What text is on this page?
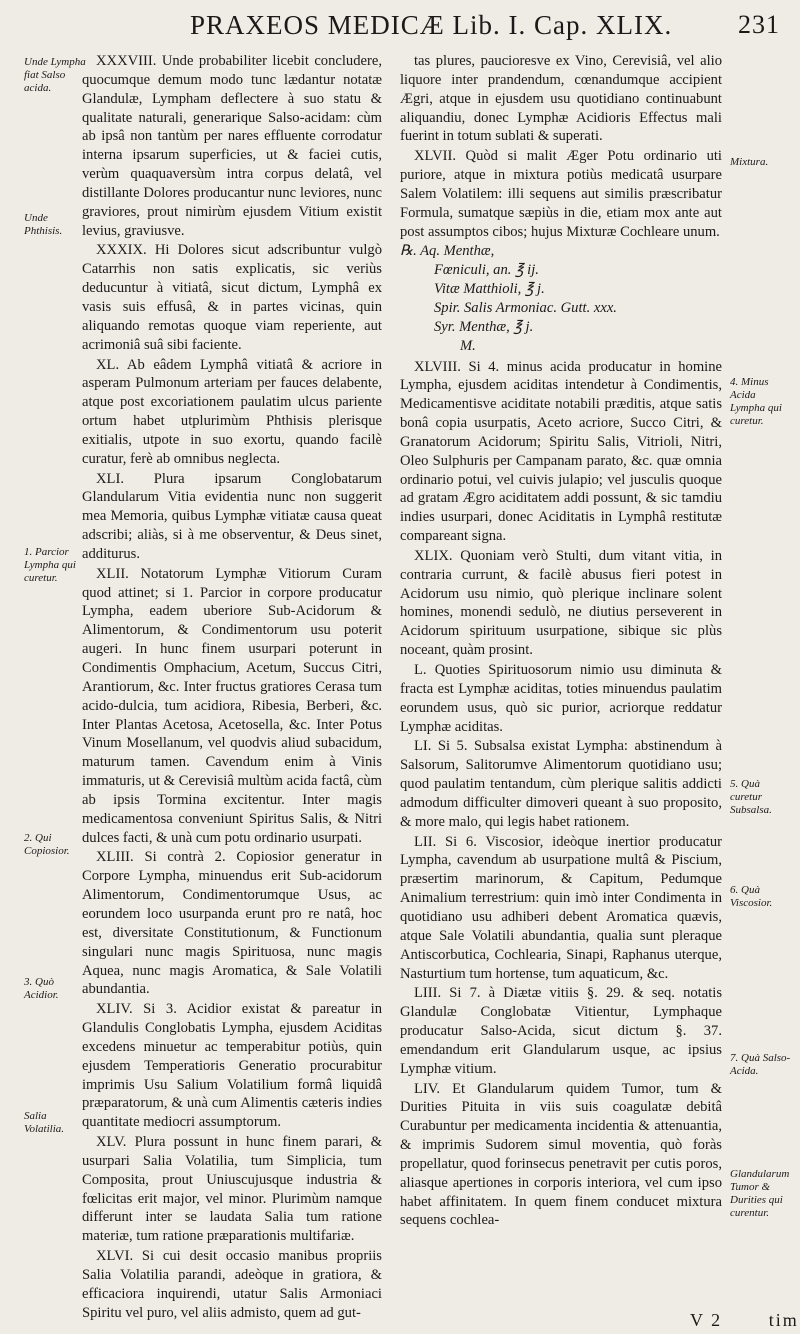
PRAXEOS MEDICÆ Lib. I. Cap. XLIX.	231

XXXVIII. Unde probabiliter licebit concludere, quocumque demum modo tunc lædantur notatæ Glandulæ, Lympham deflectere à suo statu & qualitate naturali, generarique Salso-acidam: cùm ab ipsâ non tantùm per nares effluente corrodatur interna ipsarum superficies, ut & faciei cutis, verùm quaquaversùm intra corpus delatâ, vel distillante Dolores producantur nunc leviores, nunc graviores, prout nimirùm ejusdem Vitium existit levius, graviusve.

XXXIX. Hi Dolores sicut adscribuntur vulgò Catarrhis non satis explicatis, sic veriùs deducuntur à vitiatâ, sicut dictum, Lymphâ ex vasis suis effusâ, & in partes vicinas, quin aliquando remotas quoque viam reperiente, aut acrimoniâ suâ sibi faciente.

XL. Ab eâdem Lymphâ vitiatâ & acriore in asperam Pulmonum arteriam per fauces delabente, atque post excoriationem paulatim ulcus pariente ortum habet utplurimùm Phthisis plerisque exitialis, utpote in suo exortu, quando facilè curatur, ferè ab omnibus neglecta.

XLI. Plura ipsarum Conglobatarum Glandularum Vitia evidentia nunc non suggerit mea Memoria, quibus Lymphæ vitiatæ causa queat adscribi; aliàs, si à me observentur, & Deus sinet, additurus.

XLII. Notatorum Lymphæ Vitiorum Curam quod attinet; si 1. Parcior in corpore producatur Lympha, eadem uberiore Sub-Acidorum & Alimentorum, & Condimentorum usu poterit augeri. In hunc finem usurpari poterunt in Condimentis Omphacium, Acetum, Succus Citri, Arantiorum, &c. Inter fructus gratiores Cerasa tum acido-dulcia, tum acidiora, Ribesia, Berberi, &c. Inter Plantas Acetosa, Acetosella, &c. Inter Potus Vinum Mosellanum, vel quodvis aliud subacidum, maturum tamen. Cavendum enim à Vinis immaturis, ut & Cerevisiâ multùm acida factâ, cùm ab ipsis Tormina excitentur. Inter magis medicamentosa conveniunt Spiritus Salis, & Nitri dulces facti, & unà cum potu ordinario usurpati.

XLIII. Si contrà 2. Copiosior generatur in Corpore Lympha, minuendus erit Sub-acidorum Alimentorum, Condimentorumque Usus, ac eorundem loco usurpanda erunt pro re natâ, hoc est, diversitate Constitutionum, & Functionum singulari nunc magis Spirituosa, nunc magis Aquea, nunc magis Aromatica, & Sale Volatili abundantia.

XLIV. Si 3. Acidior existat & pareatur in Glandulis Conglobatis Lympha, ejusdem Aciditas excedens minuetur ac temperabitur potiùs, quin ejusdem Temperatioris Generatio procurabitur imprimis Usu Salium Volatilium formâ liquidâ præparatorum, & unà cum Alimentis cæteris indies quantitate mediocri assumptorum.

XLV. Plura possunt in hunc finem parari, & usurpari Salia Volatilia, tum Simplicia, tum Composita, prout Uniuscujusque industria & fœlicitas erit major, vel minor. Plurimùm namque differunt inter se laudata Salia tum ratione materiæ, tum ratione præparationis multifariæ.

XLVI. Si cui desit occasio manibus propriis Salia Volatilia parandi, adeòque in gratiora, & efficaciora inquirendi, utatur Salis Armoniaci Spiritu vel puro, vel aliis admisto, quem ad gut-

tas plures, paucioresve ex Vino, Cerevisiâ, vel alio liquore inter prandendum, cœnandumque accipient Ægri, atque in ejusdem usu quotidiano continuabunt aliquandiu, donec Lymphæ Acidioris Effectus mali fuerint in totum sublati & superati.

XLVII. Quòd si malit Æger Potu ordinario uti puriore, atque in mixtura potiùs medicatâ usurpare Salem Volatilem: illi sequens aut similis præscribatur Formula, sumatque sæpiùs in die, etiam mox ante aut post assumptos cibos; hujus Mixturæ Cochleare unum.

℞. Aq. Menthæ,

Fœniculi, an. ℥ ij.

Vitæ Matthioli, ℥ j.

Spir. Salis Armoniac. Gutt. xxx.

Syr. Menthæ, ℥ j.

M.

XLVIII. Si 4. minus acida producatur in homine Lympha, ejusdem aciditas intendetur à Condimentis, Medicamentisve aciditate notabili præditis, atque satis bonâ copia usurpatis, Aceto acriore, Succo Citri, & Granatorum Acidorum; Spiritu Salis, Vitrioli, Nitri, Oleo Sulphuris per Campanam parato, &c. quæ omnia ordinario potui, vel cuivis julapio; vel jusculis quoque ad gratam Ægro aciditatem addi possunt, & sic tamdiu indies usurpari, donec Aciditatis in Lymphâ restitutæ compareant signa.

XLIX. Quoniam verò Stulti, dum vitant vitia, in contraria currunt, & facilè abusus fieri potest in Acidorum usu nimio, quò plerique inclinare solent homines, monendi sedulò, ne diutius perseverent in Acidorum spirituum usurpatione, sibique sic plùs noceant, quàm prosint.

L. Quoties Spirituosorum nimio usu diminuta & fracta est Lymphæ aciditas, toties minuendus paulatim eorundem usus, quò sic purior, acriorque reddatur Lymphæ aciditas.

LI. Si 5. Subsalsa existat Lympha: abstinendum à Salsorum, Salitorumve Alimentorum quotidiano usu; quod paulatim tentandum, cùm plerique salitis addicti admodum difficulter dimoveri queant à suo proposito, & more malo, qui legis habet rationem.

LII. Si 6. Viscosior, ideòque inertior producatur Lympha, cavendum ab usurpatione multâ & Piscium, præsertim marinorum, & Capitum, Pedumque Animalium terrestrium: quin imò inter Condimenta in quotidiano usu adhiberi debent Aromatica quævis, atque Sale Volatili abundantia, qualia sunt pleraque Antiscorbutica, Cochlearia, Sinapi, Raphanus uterque, Nasturtium tum hortense, tum aquaticum, &c.

LIII. Si 7. à Diætæ vitiis §. 29. & seq. notatis Glandulæ Conglobatæ Vitientur, Lymphaque producatur Salso-Acida, sicut dictum §. 37. emendandum erit Glandularum usque, ac ipsius Lymphæ vitium.

LIV. Et Glandularum quidem Tumor, tum & Durities Pituita in viis suis coagulatæ debitâ Curabuntur per medicamenta incidentia & attenuantia, & imprimis Sudorem simul moventia, quò foràs propellatur, quod forinsecus penetravit per cutis poros, aliasque apertiones in corporis interiora, vel cum ipso habet affinitatem. In quem finem conducet mixtura sequens cochlea-

Unde Lympha fiat Salso acida.
Unde Phthisis.
1. Parcior Lympha qui curetur.
2. Qui Copiosior.
3. Quò Acidior.
Salia Volatilia.
Mixtura.
4. Minus Acida Lympha qui curetur.
5. Quà curetur Subsalsa.
6. Quà Viscosior.
7. Quà Salso-Acida.
Glandularum Tumor & Durities qui curentur.
V 2	tim
